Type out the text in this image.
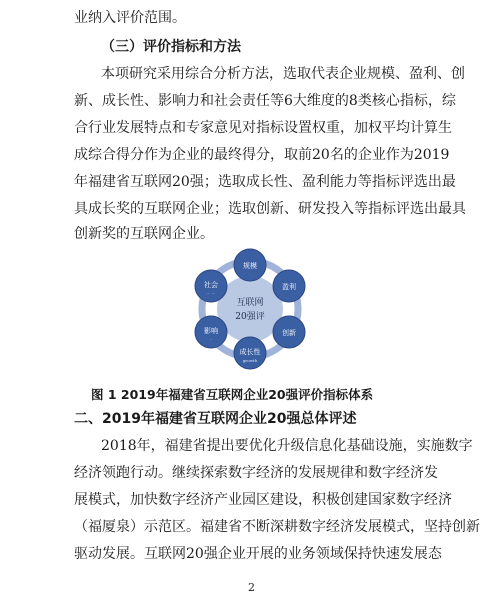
业纳入评价范围。
（三）评价指标和方法
本项研究采用综合分析方法，选取代表企业规模、盈利、创
新、成长性、影响力和社会责任等6大维度的8类核心指标，综
合行业发展特点和专家意见对指标设置权重，加权平均计算生
成综合得分作为企业的最终得分，取前20名的企业作为2019
年福建省互联网20强；选取成长性、盈利能力等指标评选出最
具成长奖的互联网企业；选取创新、研发投入等指标评选出最具
创新奖的互联网企业。
互联网
20强评
规模
盈利
创新
成长性
growth
影响
·
社会
··· ···
图 1 2019年福建省互联网企业20强评价指标体系
二、2019年福建省互联网企业20强总体评述
2018年，福建省提出要优化升级信息化基础设施，实施数字
经济领跑行动。继续探索数字经济的发展规律和数字经济发
展模式，加快数字经济产业园区建设，积极创建国家数字经济
（福厦泉）示范区。福建省不断深耕数字经济发展模式，坚持创新
驱动发展。互联网20强企业开展的业务领域保持快速发展态
2
